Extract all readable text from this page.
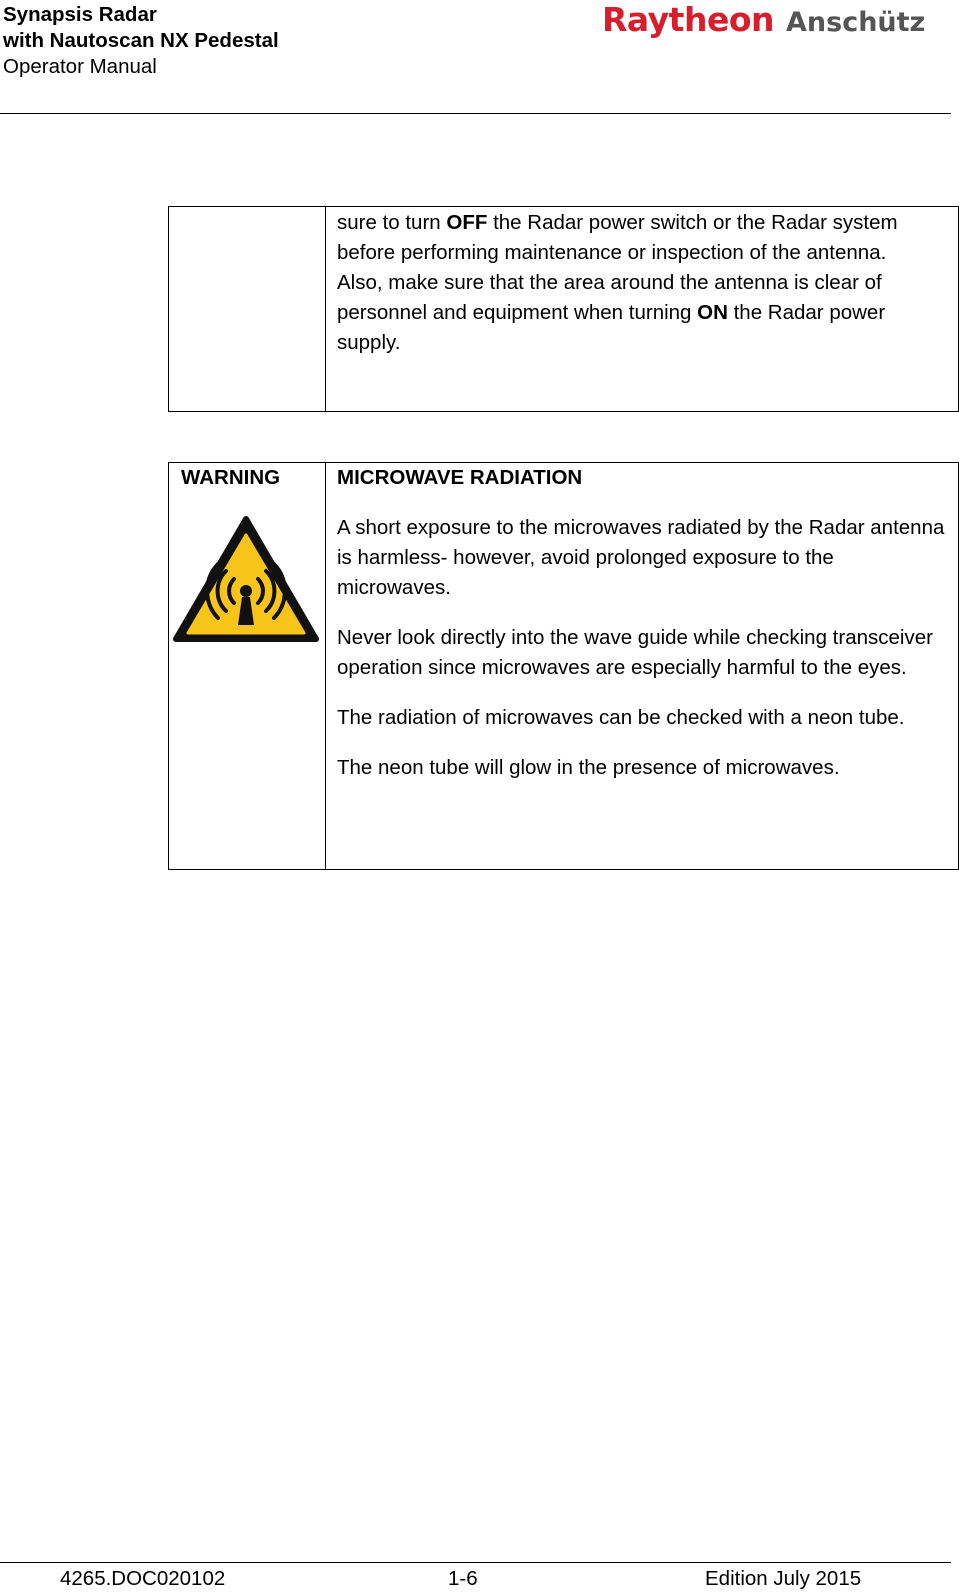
Synapsis Radar
with Nautoscan NX Pedestal
Operator Manual
Raytheon Anschütz

sure to turn OFF the Radar power switch or the Radar system before performing maintenance or inspection of the antenna.
Also, make sure that the area around the antenna is clear of personnel and equipment when turning ON the Radar power supply.
WARNING	MICROWAVE RADIATION
A short exposure to the microwaves radiated by the Radar antenna is harmless- however, avoid prolonged exposure to the microwaves.
Never look directly into the wave guide while checking transceiver operation since microwaves are especially harmful to the eyes.
The radiation of microwaves can be checked with a neon tube.
The neon tube will glow in the presence of microwaves.
4265.DOC020102	1-6	Edition July 2015
